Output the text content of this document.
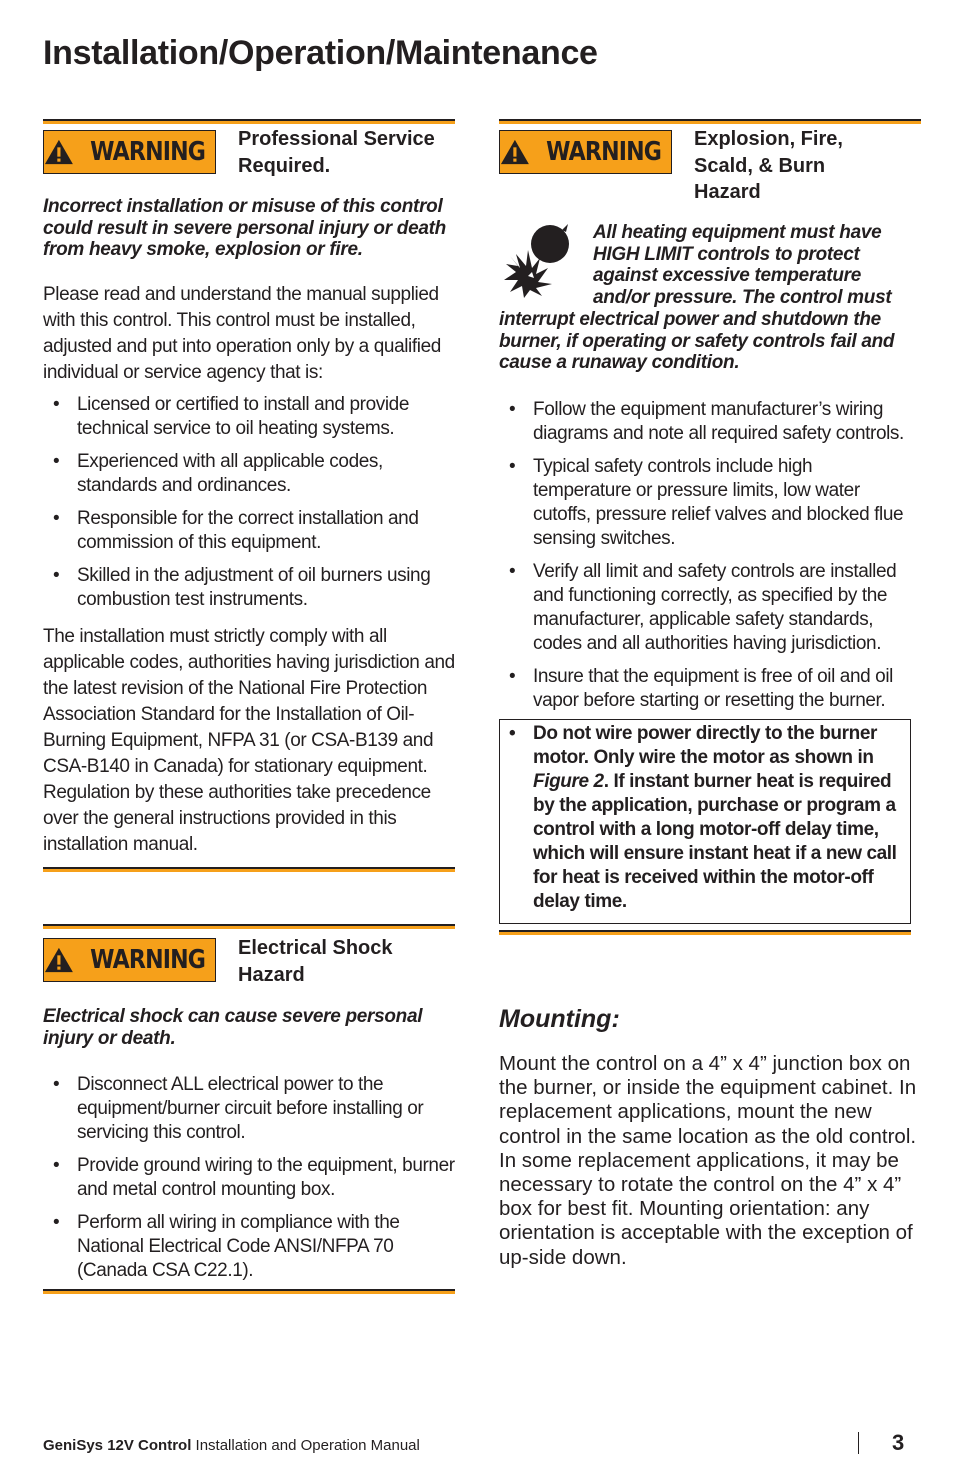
Installation/Operation/Maintenance
WARNING Professional Service Required.
Incorrect installation or misuse of this control could result in severe personal injury or death from heavy smoke, explosion or fire.

Please read and understand the manual supplied with this control. This control must be installed, adjusted and put into operation only by a qualified individual or service agency that is:

• Licensed or certified to install and provide technical service to oil heating systems.
• Experienced with all applicable codes, standards and ordinances.
• Responsible for the correct installation and commission of this equipment.
• Skilled in the adjustment of oil burners using combustion test instruments.

The installation must strictly comply with all applicable codes, authorities having jurisdiction and the latest revision of the National Fire Protection Association Standard for the Installation of Oil-Burning Equipment, NFPA 31 (or CSA-B139 and CSA-B140 in Canada) for stationary equipment. Regulation by these authorities take precedence over the general instructions provided in this installation manual.

WARNING Electrical Shock Hazard
Electrical shock can cause severe personal injury or death.
• Disconnect ALL electrical power to the equipment/burner circuit before installing or servicing this control.
• Provide ground wiring to the equipment, burner and metal control mounting box.
• Perform all wiring in compliance with the National Electrical Code ANSI/NFPA 70 (Canada CSA C22.1).
WARNING Explosion, Fire, Scald, & Burn Hazard
All heating equipment must have HIGH LIMIT controls to protect against excessive temperature and/or pressure. The control must
interrupt electrical power and shutdown the burner, if operating or safety controls fail and cause a runaway condition.
• Follow the equipment manufacturer’s wiring diagrams and note all required safety controls.
• Typical safety controls include high temperature or pressure limits, low water cutoffs, pressure relief valves and blocked flue sensing switches.
• Verify all limit and safety controls are installed and functioning correctly, as specified by the manufacturer, applicable safety standards, codes and all authorities having jurisdiction.
• Insure that the equipment is free of oil and oil vapor before starting or resetting the burner.
• Do not wire power directly to the burner motor. Only wire the motor as shown in Figure 2. If instant burner heat is required by the application, purchase or program a control with a long motor-off delay time, which will ensure instant heat if a new call for heat is received within the motor-off delay time.
Mounting:

Mount the control on a 4” x 4” junction box on the burner, or inside the equipment cabinet. In replacement applications, mount the new control in the same location as the old control. In some replacement applications, it may be necessary to rotate the control on the 4” x 4” box for best fit. Mounting orientation: any orientation is acceptable with the exception of up-side down.

GeniSys 12V Control Installation and Operation Manual	3
